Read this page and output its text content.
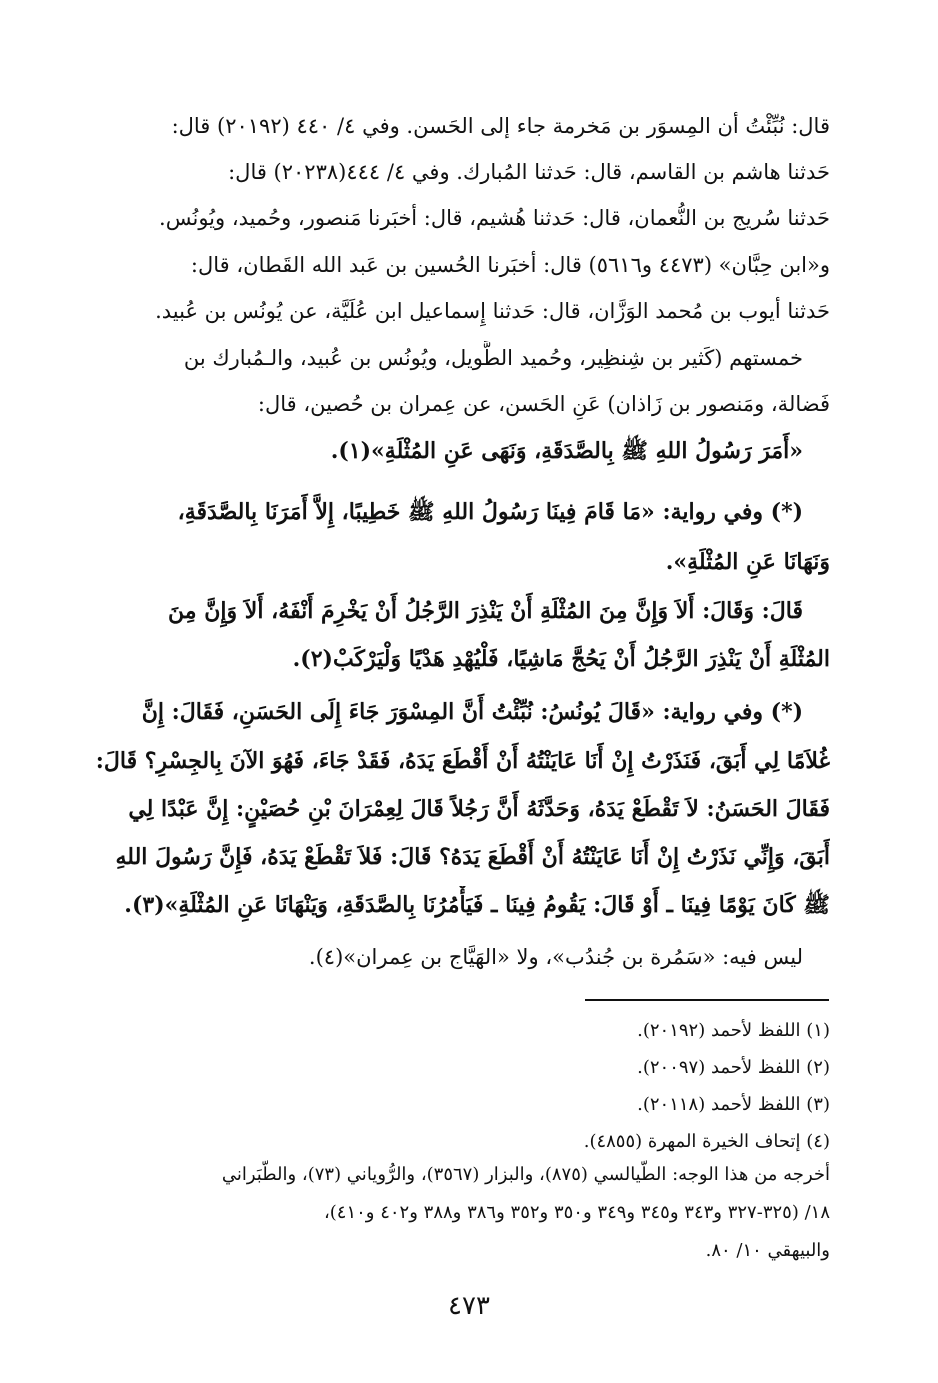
قال: نُبِّئْتُ أن المِسوَر بن مَخرمة جاء إلى الحَسن. وفي ٤/ ٤٤٠ (٢٠١٩٢) قال:
حَدثنا هاشم بن القاسم، قال: حَدثنا المُبارك. وفي ٤/ ٤٤٤(٢٠٢٣٨) قال:
حَدثنا سُريج بن النُّعمان، قال: حَدثنا هُشيم، قال: أخبَرنا مَنصور، وحُميد، ويُونُس.
و«ابن حِبَّان» (٤٤٧٣ و٥٦١٦) قال: أخبَرنا الحُسين بن عَبد الله القَطان، قال:
حَدثنا أيوب بن مُحمد الوَزَّان، قال: حَدثنا إِسماعيل ابن عُلَيَّة، عن يُونُس بن عُبيد.
خمستهم (كَثير بن شِنظِير، وحُميد الطَّويل، ويُونُس بن عُبيد، والـمُبارك بن
فَضالة، ومَنصور بن زَاذان) عَنِ الحَسن، عن عِمران بن حُصين، قال:
«أَمَرَ رَسُولُ اللهِ ﷺ بِالصَّدَقَةِ، وَنَهَى عَنِ المُثْلَةِ»(١).
(*) وفي رواية: «مَا قَامَ فِينَا رَسُولُ اللهِ ﷺ خَطِيبًا، إِلاَّ أَمَرَنَا بِالصَّدَقَةِ،
وَنَهَانَا عَنِ المُثْلَةِ».
قَالَ: وَقَالَ: أَلاَ وَإِنَّ مِنَ المُثْلَةِ أَنْ يَنْذِرَ الرَّجُلُ أَنْ يَخْرِمَ أَنْفَهُ، أَلاَ وَإِنَّ مِنَ
المُثْلَةِ أَنْ يَنْذِرَ الرَّجُلُ أَنْ يَحُجَّ مَاشِيًا، فَلْيُهْدِ هَدْيًا وَلْيَرْكَبْ(٢).
(*) وفي رواية: «قَالَ يُونُسُ: نُبِّئْتُ أَنَّ المِسْوَرَ جَاءَ إِلَى الحَسَنِ، فَقَالَ: إِنَّ
غُلاَمًا لِي أَبَقَ، فَنَذَرْتُ إِنْ أَنَا عَايَنْتُهُ أَنْ أَقْطَعَ يَدَهُ، فَقَدْ جَاءَ، فَهُوَ الآنَ بِالجِسْرِ؟ قَالَ:
فَقَالَ الحَسَنُ: لاَ تَقْطَعْ يَدَهُ، وَحَدَّثَهُ أَنَّ رَجُلاً قَالَ لِعِمْرَانَ بْنِ حُصَيْنٍ: إِنَّ عَبْدًا لِي
أَبَقَ، وَإِنِّي نَذَرْتُ إِنْ أَنَا عَايَنْتُهُ أَنْ أَقْطَعَ يَدَهُ؟ قَالَ: فَلاَ تَقْطَعْ يَدَهُ، فَإِنَّ رَسُولَ اللهِ
ﷺ كَانَ يَوْمًا فِينَا ـ أَوْ قَالَ: يَقُومُ فِينَا ـ فَيَأْمُرُنَا بِالصَّدَقَةِ، وَيَنْهَانَا عَنِ المُثْلَةِ»(٣).
ليس فيه: «سَمُرة بن جُندُب»، ولا «الهَيَّاج بن عِمران»(٤).
(١) اللفظ لأحمد (٢٠١٩٢).
(٢) اللفظ لأحمد (٢٠٠٩٧).
(٣) اللفظ لأحمد (٢٠١١٨).
(٤) إتحاف الخيرة المهرة (٤٨٥٥).
أخرجه من هذا الوجه: الطَّيالسي (٨٧٥)، والبزار (٣٥٦٧)، والرُّوياني (٧٣)، والطَّبَراني
١٨/ (٣٢٥-٣٢٧ و٣٤٣ و٣٤٥ و٣٤٩ و٣٥٠ و٣٥٢ و٣٨٦ و٣٨٨ و٤٠٢ و٤١٠)،
والبيهقي ١٠/ ٨٠.
٤٧٣
